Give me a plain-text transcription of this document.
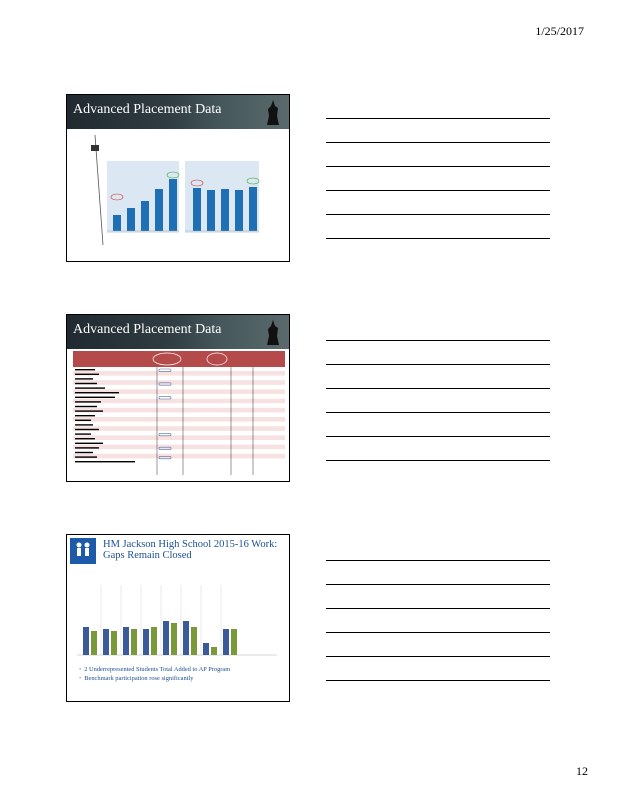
1/25/2017
Advanced Placement Data
Advanced Placement Data
HM Jackson High School 2015-16 Work: Gaps Remain Closed
• 2 Underrepresented Students Total Added to AP Program
• Benchmark participation rose significantly
12
